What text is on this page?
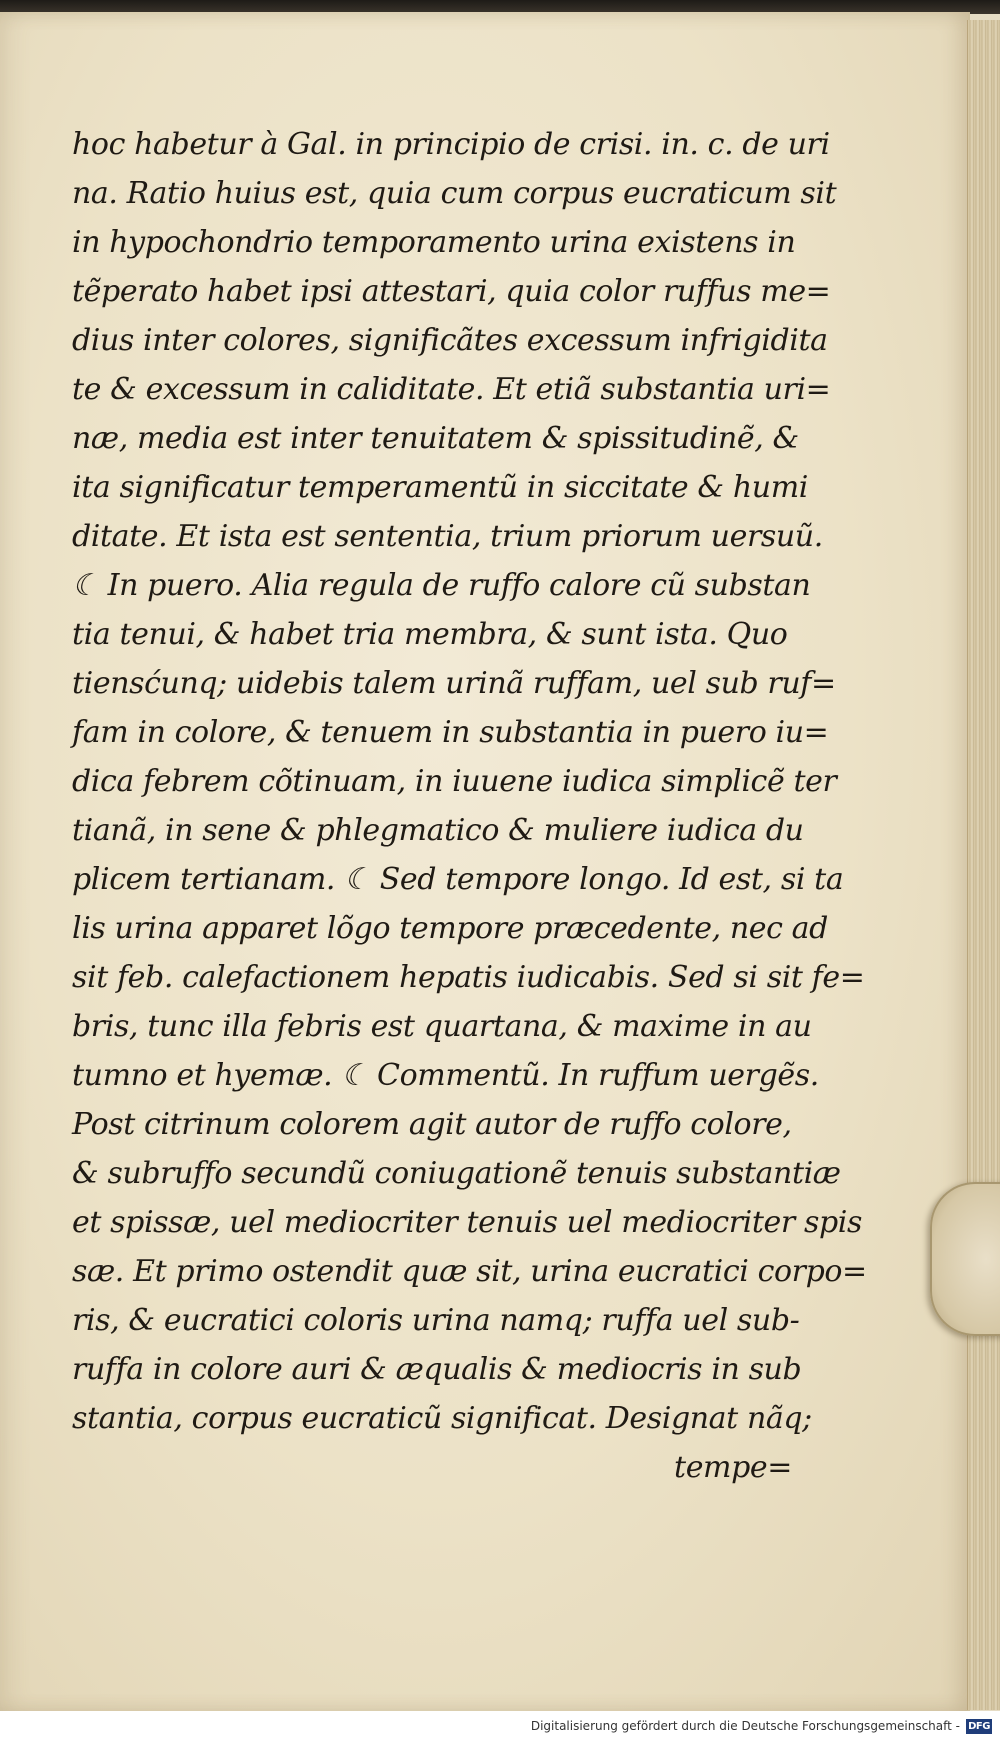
hoc habetur à Gal. in principio de crisi. in. c. de uri
na. Ratio huius est, quia cum corpus eucraticum sit
in hypochondrio temporamento urina existens in
tẽperato habet ipsi attestari, quia color ruffus me=
dius inter colores, significãtes excessum infrigidita
te & excessum in caliditate. Et etiã substantia uri=
næ, media est inter tenuitatem & spissitudinẽ, &
ita significatur temperamentũ in siccitate & humi
ditate. Et ista est sententia, trium priorum uersuũ.
☾ In puero. Alia regula de ruffo calore cũ substan
tia tenui, & habet tria membra, & sunt ista. Quo
tiensćunq; uidebis talem urinã ruffam, uel sub ruf=
fam in colore, & tenuem in substantia in puero iu=
dica febrem cõtinuam, in iuuene iudica simplicẽ ter
tianã, in sene & phlegmatico & muliere iudica du
plicem tertianam. ☾ Sed tempore longo. Id est, si ta
lis urina apparet lõgo tempore præcedente, nec ad
sit feb. calefactionem hepatis iudicabis. Sed si sit fe=
bris, tunc illa febris est quartana, & maxime in au
tumno et hyemæ. ☾ Commentũ. In ruffum uergẽs.
Post citrinum colorem agit autor de ruffo colore,
& subruffo secundũ coniugationẽ tenuis substantiæ
et spissæ, uel mediocriter tenuis uel mediocriter spis
sæ. Et primo ostendit quæ sit, urina eucratici corpo=
ris, & eucratici coloris urina namq; ruffa uel sub-
ruffa in colore auri & æqualis & mediocris in sub
stantia, corpus eucraticũ significat. Designat nãq;
tempe=
Digitalisierung gefördert durch die Deutsche Forschungsgemeinschaft - DFG
